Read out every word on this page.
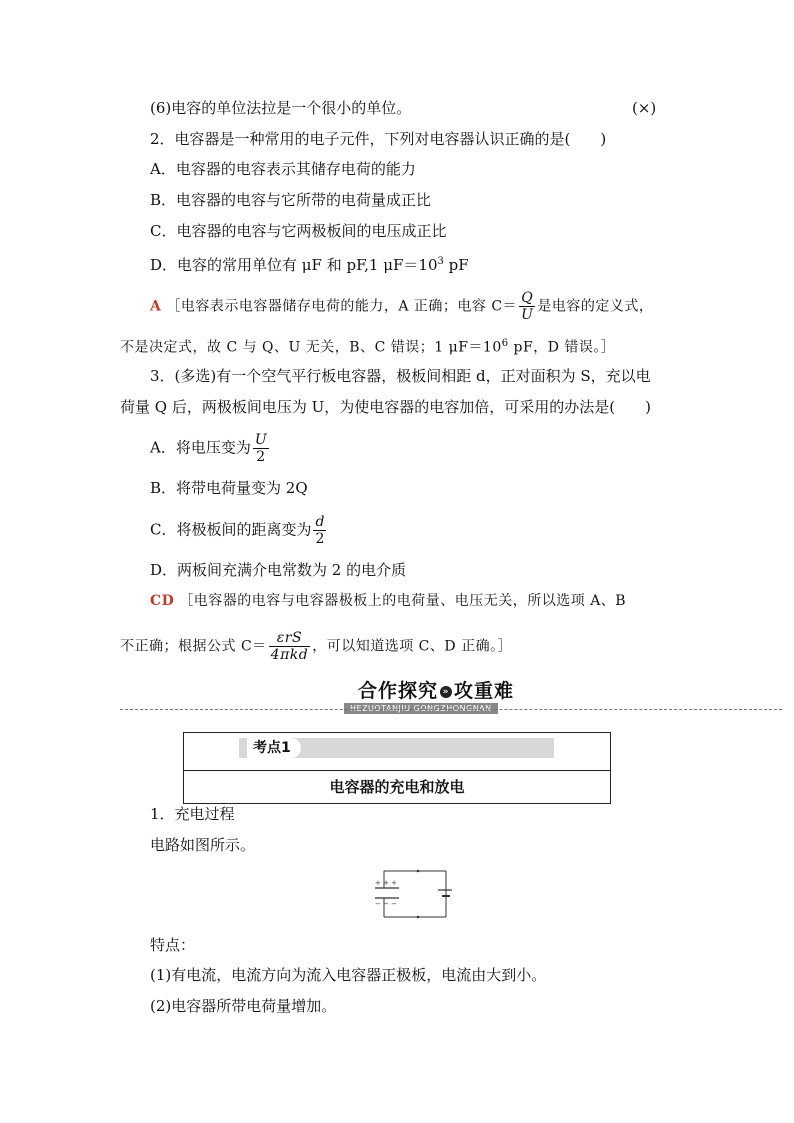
(6)电容的单位法拉是一个很小的单位。	(×)
2．电容器是一种常用的电子元件，下列对电容器认识正确的是(　　)
A．电容器的电容表示其储存电荷的能力
B．电容器的电容与它所带的电荷量成正比
C．电容器的电容与它两极板间的电压成正比
D．电容的常用单位有 μF 和 pF,1 $\mu F=10^3$ pF
A ［电容表示电容器储存电荷的能力，A 正确；电容 $C= \frac{Q}{U}$ 是电容的定义式，
不是决定式，故 C 与 Q、U 无关，B、C 错误；1 $\mu F=10^6$ pF，D 错误。］
3．(多选)有一个空气平行板电容器，极板间相距 d，正对面积为 S，充以电
荷量 Q 后，两极板间电压为 U，为使电容器的电容加倍，可采用的办法是(　　)
A．将电压变为 $\frac{U}{2}$
B．将带电荷量变为 2Q
C．将极板间的距离变为 $\frac{d}{2}$
D．两板间充满介电常数为 2 的电介质
CD ［电容器的电容与电容器极板上的电荷量、电压无关，所以选项 A、B
不正确；根据公式 $C= \frac{\text{εrS}}{\text{4πkd}}$ ，可以知道选项 C、D 正确。］
合作探究 » 攻重难
HEZUOTANJIU GONGZHONGNAN
考点1
电容器的充电和放电
1．充电过程
电路如图所示。
+ + +
− − −
特点：
(1)有电流，电流方向为流入电容器正极板，电流由大到小。
(2)电容器所带电荷量增加。
